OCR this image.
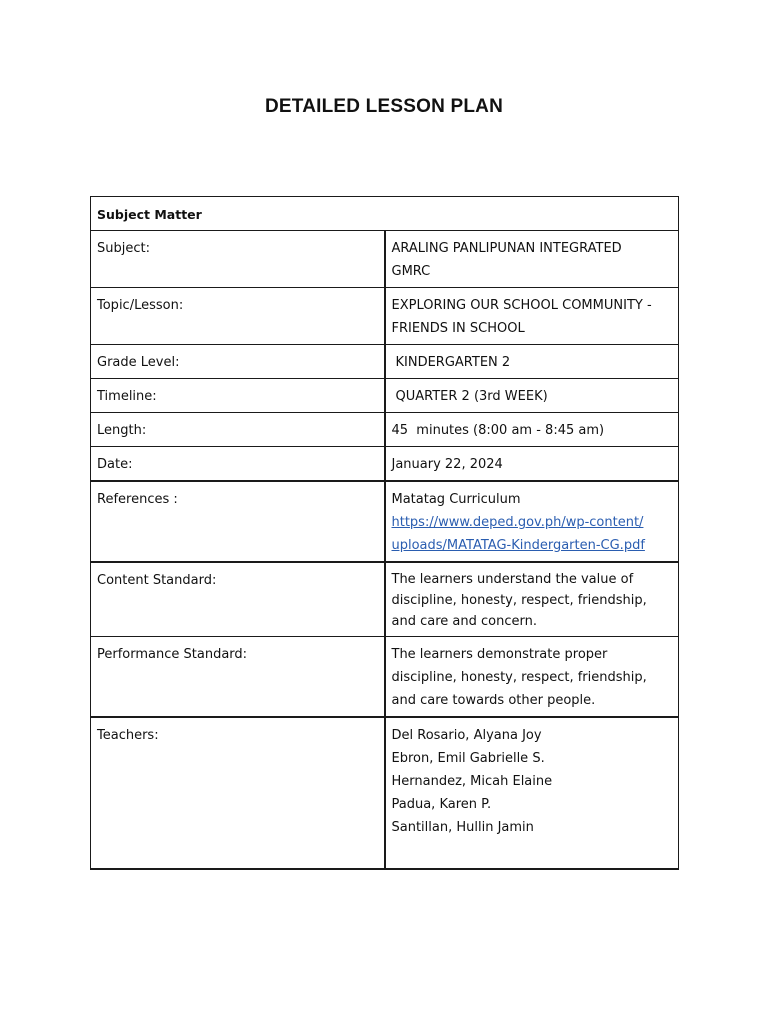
DETAILED LESSON PLAN
Subject Matter	
Subject:	ARALING PANLIPUNAN INTEGRATED
GMRC

Topic/Lesson:	EXPLORING OUR SCHOOL COMMUNITY -
FRIENDS IN SCHOOL

Grade Level:	KINDERGARTEN 2
Timeline:	QUARTER 2 (3rd WEEK)
Length:	45  minutes (8:00 am - 8:45 am)
Date:	January 22, 2024
References :	Matatag Curriculum
https://www.deped.gov.ph/wp-content/
uploads/MATATAG-Kindergarten-CG.pdf

Content Standard:	The learners understand the value of
discipline, honesty, respect, friendship,
and care and concern.

Performance Standard:	The learners demonstrate proper
discipline, honesty, respect, friendship,
and care towards other people.

Teachers:	Del Rosario, Alyana Joy
Ebron, Emil Gabrielle S.
Hernandez, Micah Elaine
Padua, Karen P.
Santillan, Hullin Jamin
